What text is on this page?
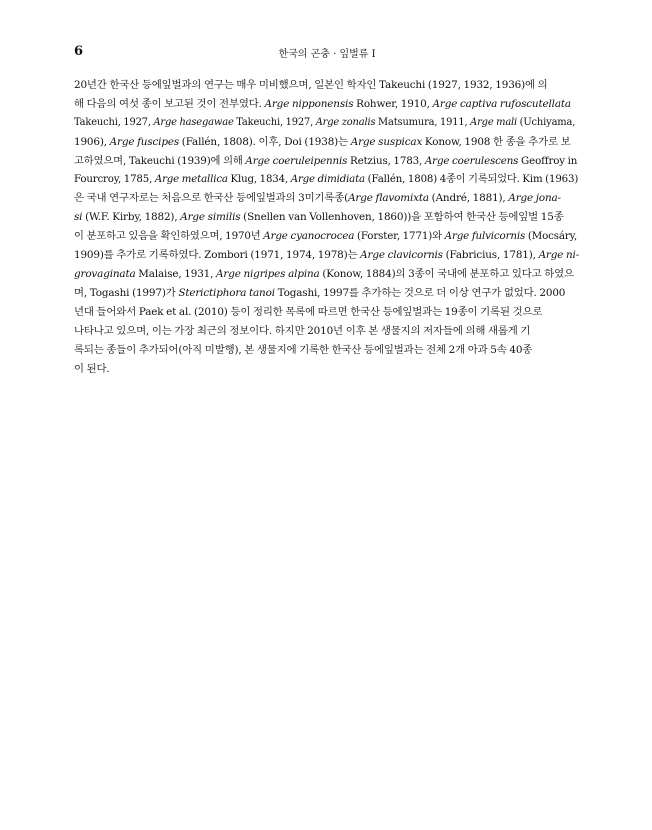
6	한국의 곤충 · 잎벌류 I
20년간 한국산 등에잎벌과의 연구는 매우 미비했으며, 일본인 학자인 Takeuchi (1927, 1932, 1936)에 의
해 다음의 여섯 종이 보고된 것이 전부였다. Arge nipponensis Rohwer, 1910, Arge captiva rufoscutellata
Takeuchi, 1927, Arge hasegawae Takeuchi, 1927, Arge zonalis Matsumura, 1911, Arge mali (Uchiyama,
1906), Arge fuscipes (Fallén, 1808). 이후, Doi (1938)는 Arge suspicax Konow, 1908 한 종을 추가로 보
고하였으며, Takeuchi (1939)에 의해 Arge coeruleipennis Retzius, 1783, Arge coerulescens Geoffroy in
Fourcroy, 1785, Arge metallica Klug, 1834, Arge dimidiata (Fallén, 1808) 4종이 기록되었다. Kim (1963)
은 국내 연구자로는 처음으로 한국산 등에잎벌과의 3미기록종(Arge flavomixta (André, 1881), Arge jona-
si (W.F. Kirby, 1882), Arge similis (Snellen van Vollenhoven, 1860))을 포함하여 한국산 등에잎벌 15종
이 분포하고 있음을 확인하였으며, 1970년 Arge cyanocrocea (Forster, 1771)와 Arge fulvicornis (Mocsáry,
1909)를 추가로 기록하였다. Zombori (1971, 1974, 1978)는 Arge clavicornis (Fabricius, 1781), Arge ni-
grovaginata Malaise, 1931, Arge nigripes alpina (Konow, 1884)의 3종이 국내에 분포하고 있다고 하였으
며, Togashi (1997)가 Sterictiphora tanoi Togashi, 1997를 추가하는 것으로 더 이상 연구가 없었다. 2000
년대 들어와서 Paek et al. (2010) 등이 정리한 목록에 따르면 한국산 등에잎벌과는 19종이 기록된 것으로
나타나고 있으며, 이는 가장 최근의 정보이다. 하지만 2010년 이후 본 생물지의 저자들에 의해 새롭게 기
록되는 종들이 추가되어(아직 미발행), 본 생물지에 기록한 한국산 등에잎벌과는 전체 2개 아과 5속 40종
이 된다.
